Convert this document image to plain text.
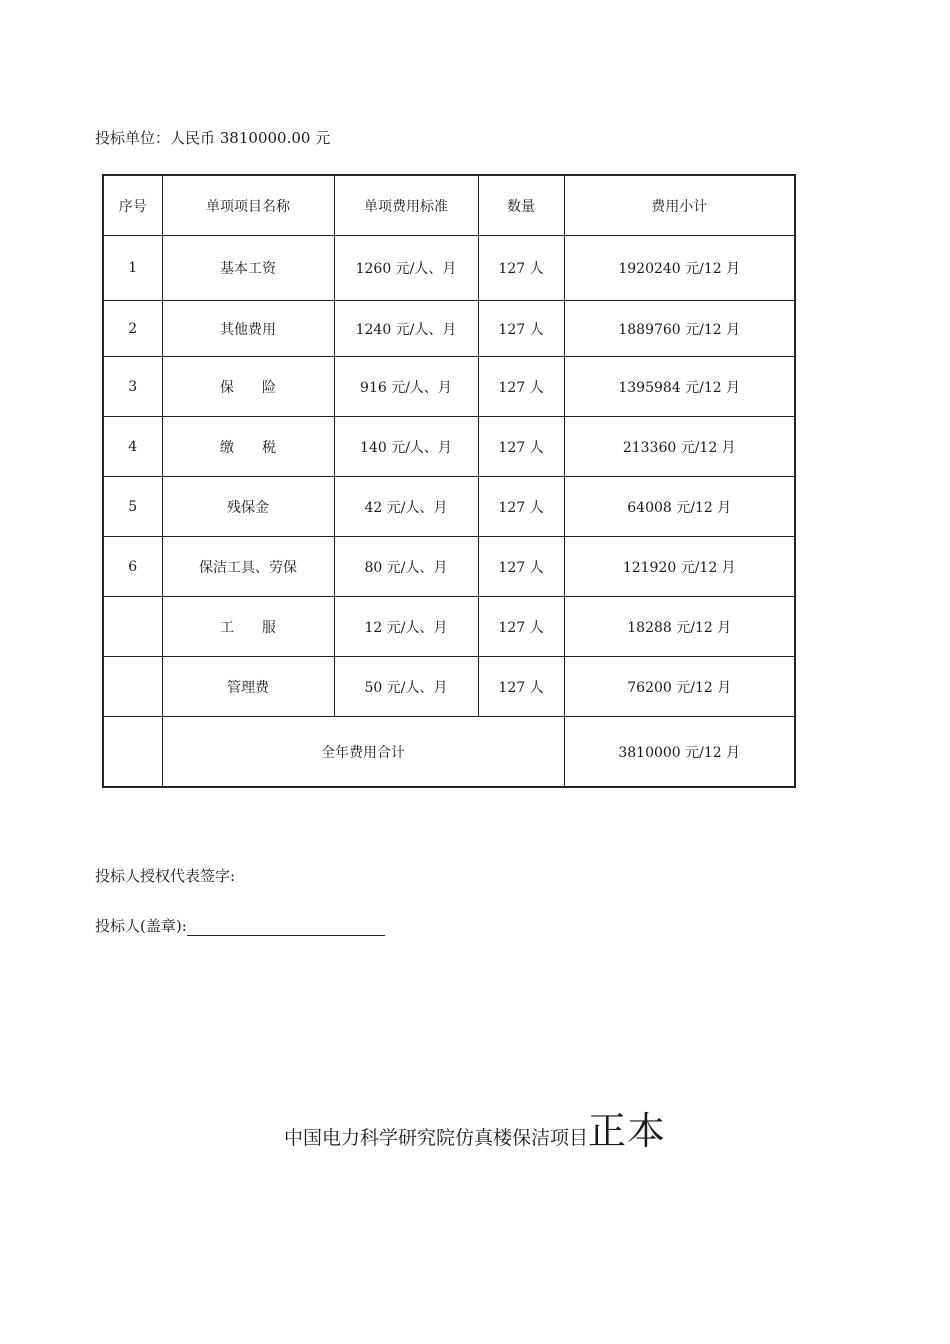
投标单位：人民币 3810000.00 元
序号	单项项目名称	单项费用标准	数量	费用小计
1	基本工资	1260 元/人、月	127 人	1920240 元/12 月
2	其他费用	1240 元/人、月	127 人	1889760 元/12 月
3	保　　险	916 元/人、月	127 人	1395984 元/12 月
4	缴　　税	140 元/人、月	127 人	213360 元/12 月
5	残保金	42 元/人、月	127 人	64008 元/12 月
6	保洁工具、劳保	80 元/人、月	127 人	121920 元/12 月
	工　　服	12 元/人、月	127 人	18288 元/12 月
	管理费	50 元/人、月	127 人	76200 元/12 月
	全年费用合计			3810000 元/12 月
投标人授权代表签字:
投标人(盖章):
中国电力科学研究院仿真楼保洁项目正本
